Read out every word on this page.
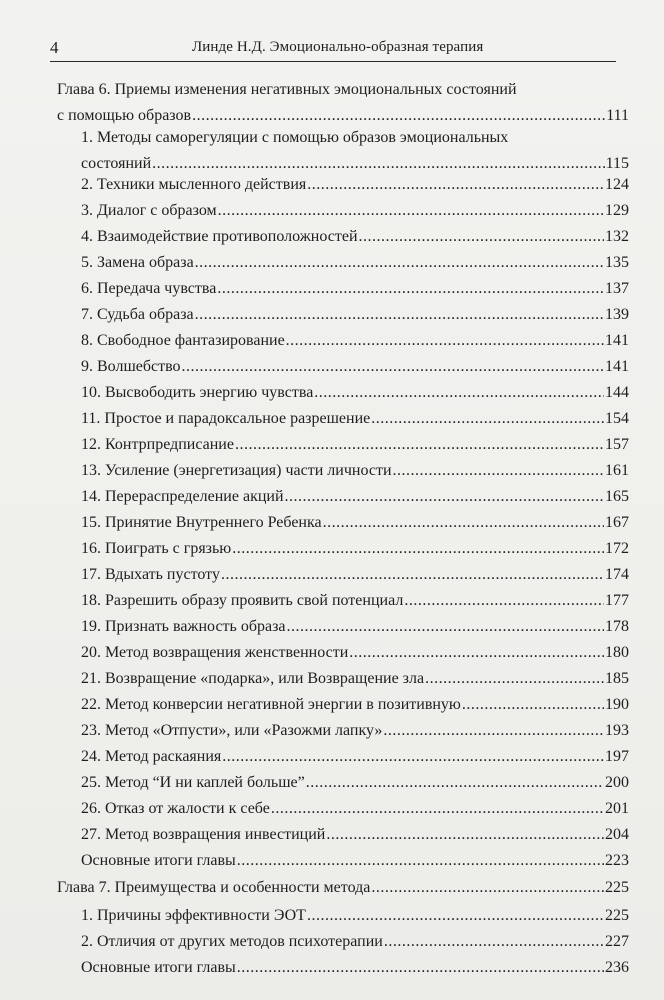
4	Линде Н.Д. Эмоционально-образная терапия
Глава 6. Приемы изменения негативных эмоциональных состояний
с помощью образов .....	111
1. Методы саморегуляции с помощью образов эмоциональных
состояний .....	115
2. Техники мысленного действия .....	124
3. Диалог с образом .....	129
4. Взаимодействие противоположностей .....	132
5. Замена образа .....	135
6. Передача чувства .....	137
7. Судьба образа .....	139
8. Свободное фантазирование .....	141
9. Волшебство .....	141
10. Высвободить энергию чувства .....	144
11. Простое и парадоксальное разрешение .....	154
12. Контрпредписание .....	157
13. Усиление (энергетизация) части личности .....	161
14. Перераспределение акций .....	165
15. Принятие Внутреннего Ребенка .....	167
16. Поиграть с грязью .....	172
17. Вдыхать пустоту .....	174
18. Разрешить образу проявить свой потенциал .....	177
19. Признать важность образа .....	178
20. Метод возвращения женственности .....	180
21. Возвращение «подарка», или Возвращение зла .....	185
22. Метод конверсии негативной энергии в позитивную .....	190
23. Метод «Отпусти», или «Разожми лапку» .....	193
24. Метод раскаяния .....	197
25. Метод “И ни каплей больше” .....	200
26. Отказ от жалости к себе .....	201
27. Метод возвращения инвестиций .....	204
Основные итоги главы .....	223
Глава 7. Преимущества и особенности метода .....	225
1. Причины эффективности ЭОТ .....	225
2. Отличия от других методов психотерапии .....	227
Основные итоги главы .....	236
